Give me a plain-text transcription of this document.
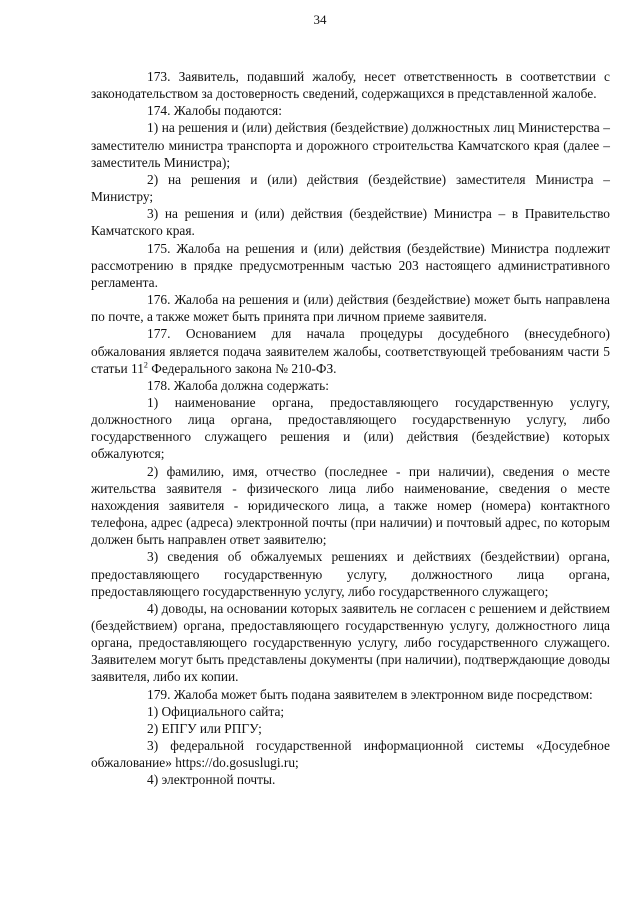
34

173. Заявитель, подавший жалобу, несет ответственность в соответствии с законодательством за достоверность сведений, содержащихся в представленной жалобе.

174. Жалобы подаются:

1) на решения и (или) действия (бездействие) должностных лиц Министерства – заместителю министра транспорта и дорожного строительства Камчатского края (далее – заместитель Министра);

2) на решения и (или) действия (бездействие) заместителя Министра – Министру;

3) на решения и (или) действия (бездействие) Министра – в Правительство Камчатского края.

175. Жалоба на решения и (или) действия (бездействие) Министра подлежит рассмотрению в прядке предусмотренным частью 203 настоящего административного регламента.

176. Жалоба на решения и (или) действия (бездействие) может быть направлена по почте, а также может быть принята при личном приеме заявителя.

177. Основанием для начала процедуры досудебного (внесудебного) обжалования является подача заявителем жалобы, соответствующей требованиям части 5 статьи $11^2$ Федерального закона № 210-ФЗ.

178. Жалоба должна содержать:

1) наименование органа, предоставляющего государственную услугу, должностного лица органа, предоставляющего государственную услугу, либо государственного служащего решения и (или) действия (бездействие) которых обжалуются;

2) фамилию, имя, отчество (последнее - при наличии), сведения о месте жительства заявителя - физического лица либо наименование, сведения о месте нахождения заявителя - юридического лица, а также номер (номера) контактного телефона, адрес (адреса) электронной почты (при наличии) и почтовый адрес, по которым должен быть направлен ответ заявителю;

3) сведения об обжалуемых решениях и действиях (бездействии) органа, предоставляющего государственную услугу, должностного лица органа, предоставляющего государственную услугу, либо государственного служащего;

4) доводы, на основании которых заявитель не согласен с решением и действием (бездействием) органа, предоставляющего государственную услугу, должностного лица органа, предоставляющего государственную услугу, либо государственного служащего. Заявителем могут быть представлены документы (при наличии), подтверждающие доводы заявителя, либо их копии.

179. Жалоба может быть подана заявителем в электронном виде посредством:

1) Официального сайта;

2) ЕПГУ или РПГУ;

3) федеральной государственной информационной системы «Досудебное обжалование» https://do.gosuslugi.ru;

4) электронной почты.
